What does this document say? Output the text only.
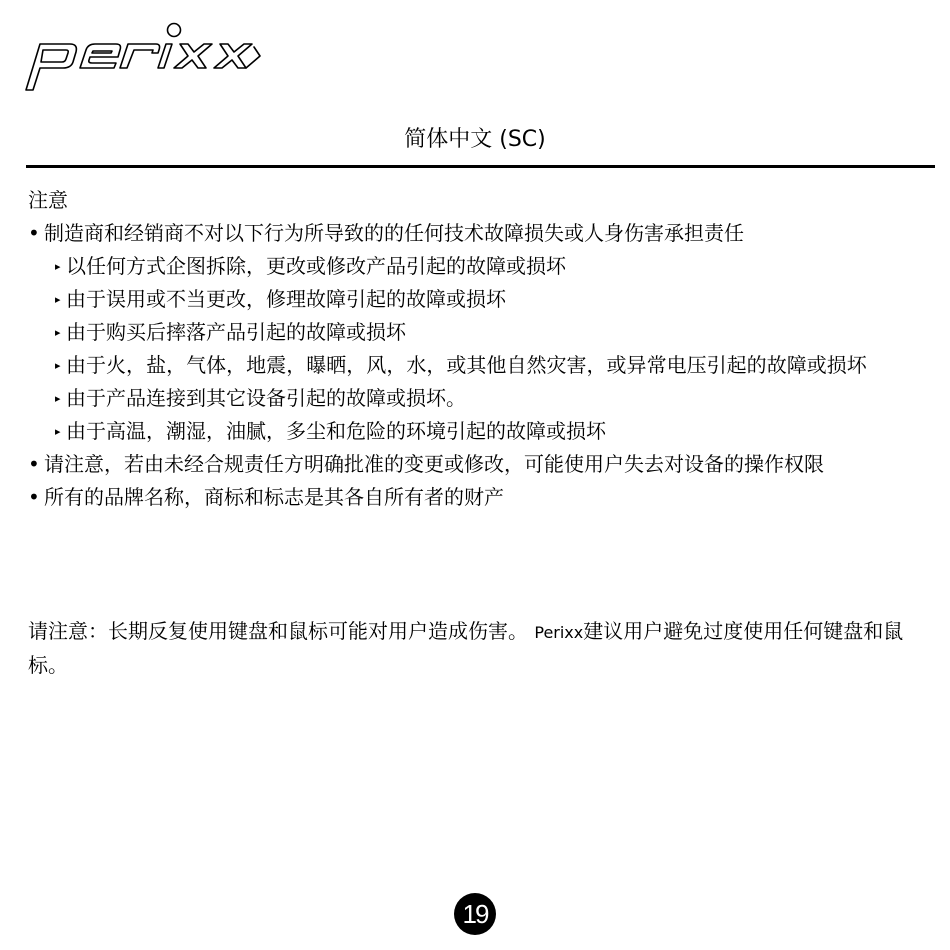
简体中文 (SC)

注意

• 制造商和经销商不对以下行为所导致的的任何技术故障损失或人身伤害承担责任
▸ 以任何方式企图拆除，更改或修改产品引起的故障或损坏
▸ 由于误用或不当更改，修理故障引起的故障或损坏
▸ 由于购买后摔落产品引起的故障或损坏
▸ 由于火，盐，气体，地震，曝晒，风，水，或其他自然灾害，或异常电压引起的故障或损坏
▸ 由于产品连接到其它设备引起的故障或损坏。
▸ 由于高温，潮湿，油腻，多尘和危险的环境引起的故障或损坏
• 请注意，若由未经合规责任方明确批准的变更或修改，可能使用户失去对设备的操作权限
• 所有的品牌名称，商标和标志是其各自所有者的财产
请注意：长期反复使用键盘和鼠标可能对用户造成伤害。 Perixx建议用户避免过度使用任何键盘和鼠标。
19
